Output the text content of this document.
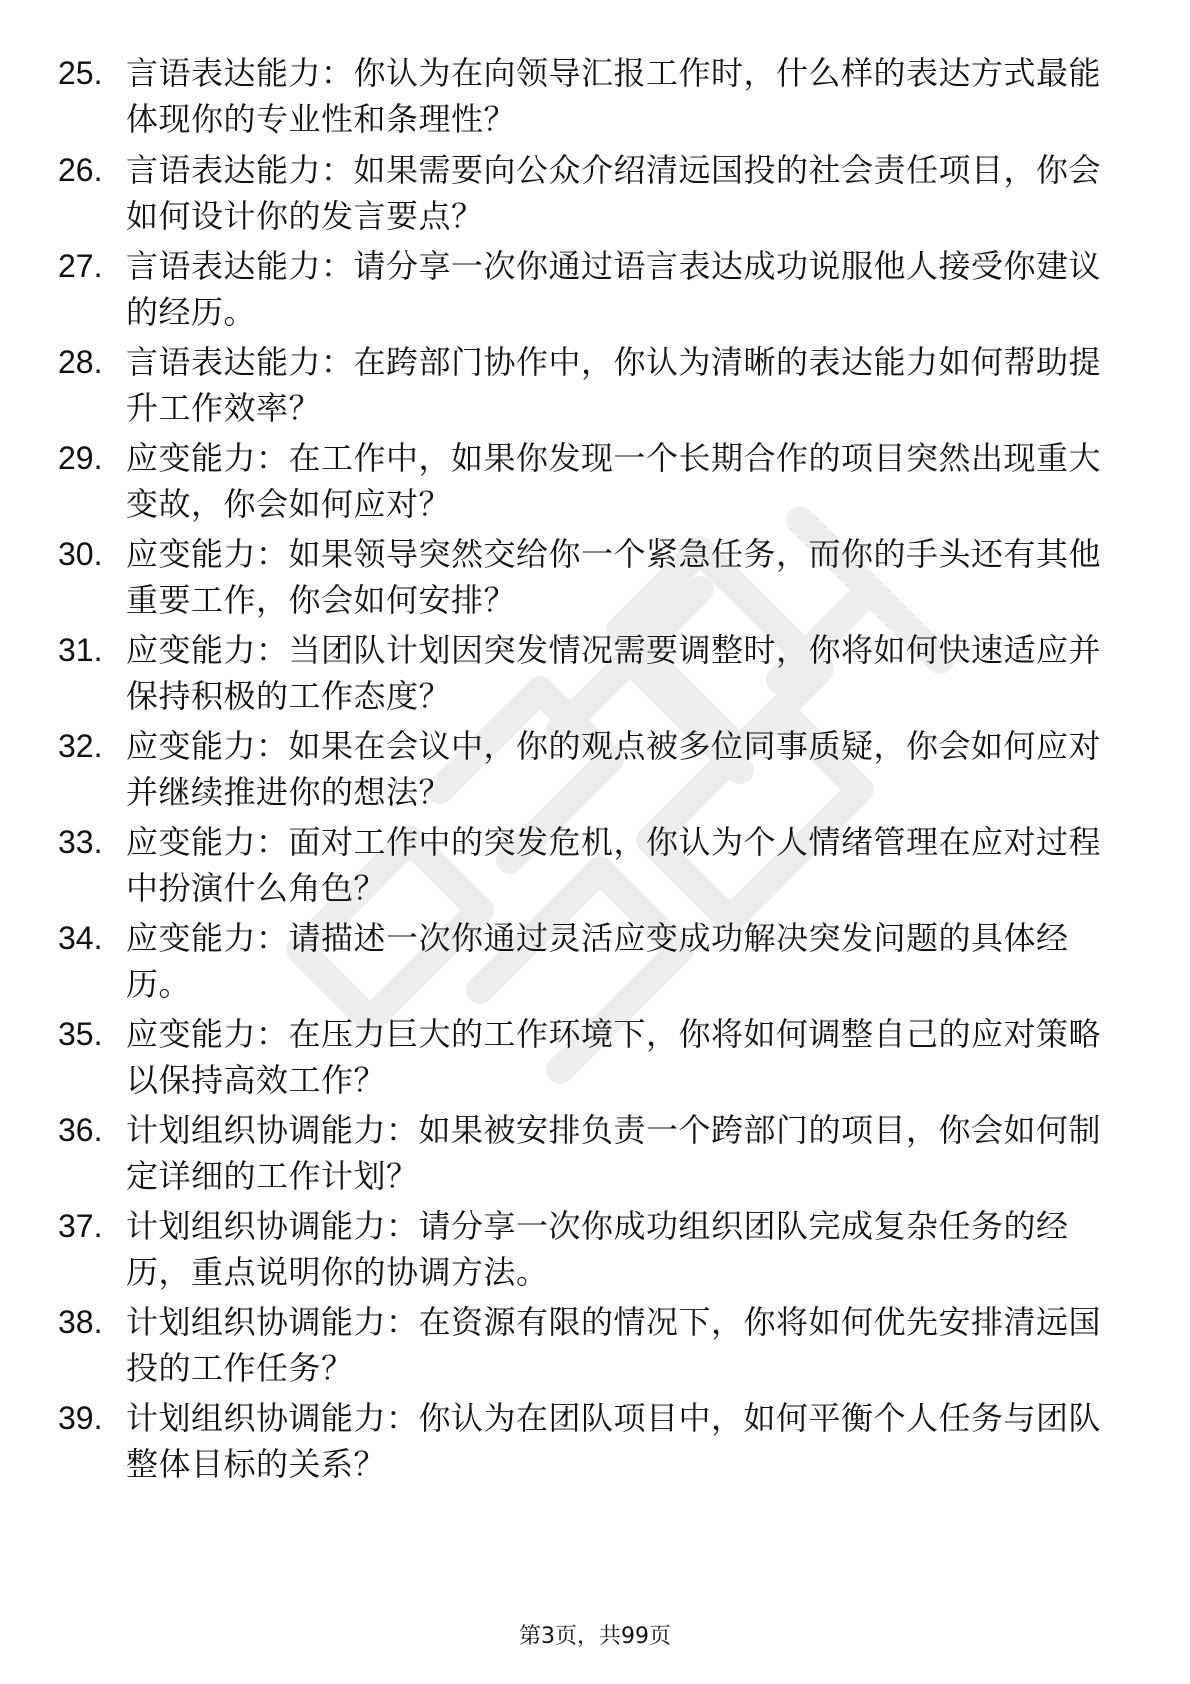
25. 言语表达能力：你认为在向领导汇报工作时，什么样的表达方式最能体现你的专业性和条理性？
26. 言语表达能力：如果需要向公众介绍清远国投的社会责任项目，你会如何设计你的发言要点？
27. 言语表达能力：请分享一次你通过语言表达成功说服他人接受你建议的经历。
28. 言语表达能力：在跨部门协作中，你认为清晰的表达能力如何帮助提升工作效率？
29. 应变能力：在工作中，如果你发现一个长期合作的项目突然出现重大变故，你会如何应对？
30. 应变能力：如果领导突然交给你一个紧急任务，而你的手头还有其他重要工作，你会如何安排？
31. 应变能力：当团队计划因突发情况需要调整时，你将如何快速适应并保持积极的工作态度？
32. 应变能力：如果在会议中，你的观点被多位同事质疑，你会如何应对并继续推进你的想法？
33. 应变能力：面对工作中的突发危机，你认为个人情绪管理在应对过程中扮演什么角色？
34. 应变能力：请描述一次你通过灵活应变成功解决突发问题的具体经历。
35. 应变能力：在压力巨大的工作环境下，你将如何调整自己的应对策略以保持高效工作？
36. 计划组织协调能力：如果被安排负责一个跨部门的项目，你会如何制定详细的工作计划？
37. 计划组织协调能力：请分享一次你成功组织团队完成复杂任务的经历，重点说明你的协调方法。
38. 计划组织协调能力：在资源有限的情况下，你将如何优先安排清远国投的工作任务？
39. 计划组织协调能力：你认为在团队项目中，如何平衡个人任务与团队整体目标的关系？
第3页，共99页
